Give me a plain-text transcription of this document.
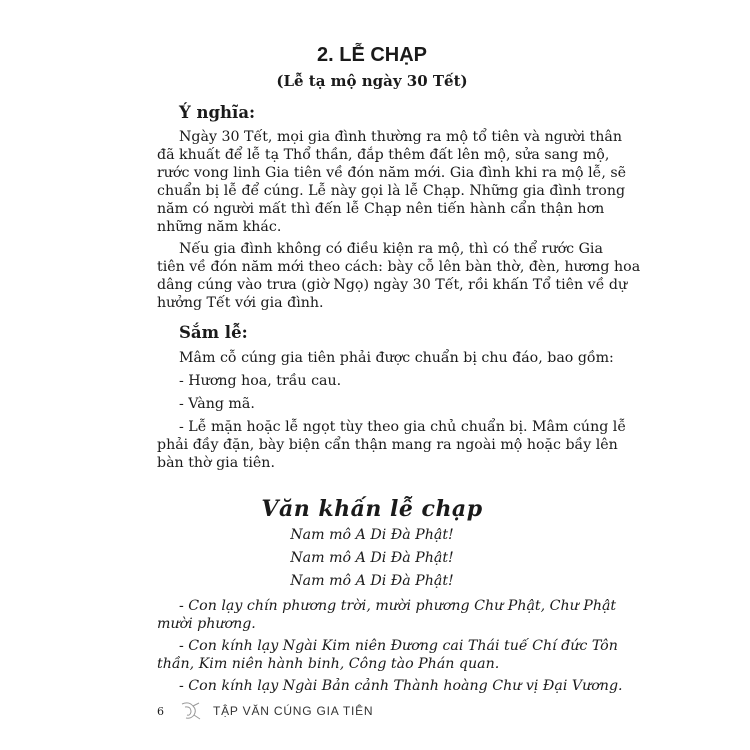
2. LỄ CHẠP
(Lễ tạ mộ ngày 30 Tết)
Ý nghĩa:
Ngày 30 Tết, mọi gia đình thường ra mộ tổ tiên và người thân
đã khuất để lễ tạ Thổ thần, đắp thêm đất lên mộ, sửa sang mộ,
rước vong linh Gia tiên về đón năm mới. Gia đình khi ra mộ lễ, sẽ
chuẩn bị lễ để cúng. Lễ này gọi là lễ Chạp. Những gia đình trong
năm có người mất thì đến lễ Chạp nên tiến hành cẩn thận hơn
những năm khác.
Nếu gia đình không có điều kiện ra mộ, thì có thể rước Gia
tiên về đón năm mới theo cách: bày cỗ lên bàn thờ, đèn, hương hoa
dâng cúng vào trưa (giờ Ngọ) ngày 30 Tết, rồi khấn Tổ tiên về dự
hưởng Tết với gia đình.
Sắm lễ:
Mâm cỗ cúng gia tiên phải được chuẩn bị chu đáo, bao gồm:
- Hương hoa, trầu cau.
- Vàng mã.
- Lễ mặn hoặc lễ ngọt tùy theo gia chủ chuẩn bị. Mâm cúng lễ
phải đầy đặn, bày biện cẩn thận mang ra ngoài mộ hoặc bầy lên
bàn thờ gia tiên.
Văn khấn lễ chạp
Nam mô A Di Đà Phật!
Nam mô A Di Đà Phật!
Nam mô A Di Đà Phật!
- Con lạy chín phương trời, mười phương Chư Phật, Chư Phật
mười phương.
- Con kính lạy Ngài Kim niên Đương cai Thái tuế Chí đức Tôn
thần, Kim niên hành binh, Công tào Phán quan.
- Con kính lạy Ngài Bản cảnh Thành hoàng Chư vị Đại Vương.
6	TẬP VĂN CÚNG GIA TIÊN
